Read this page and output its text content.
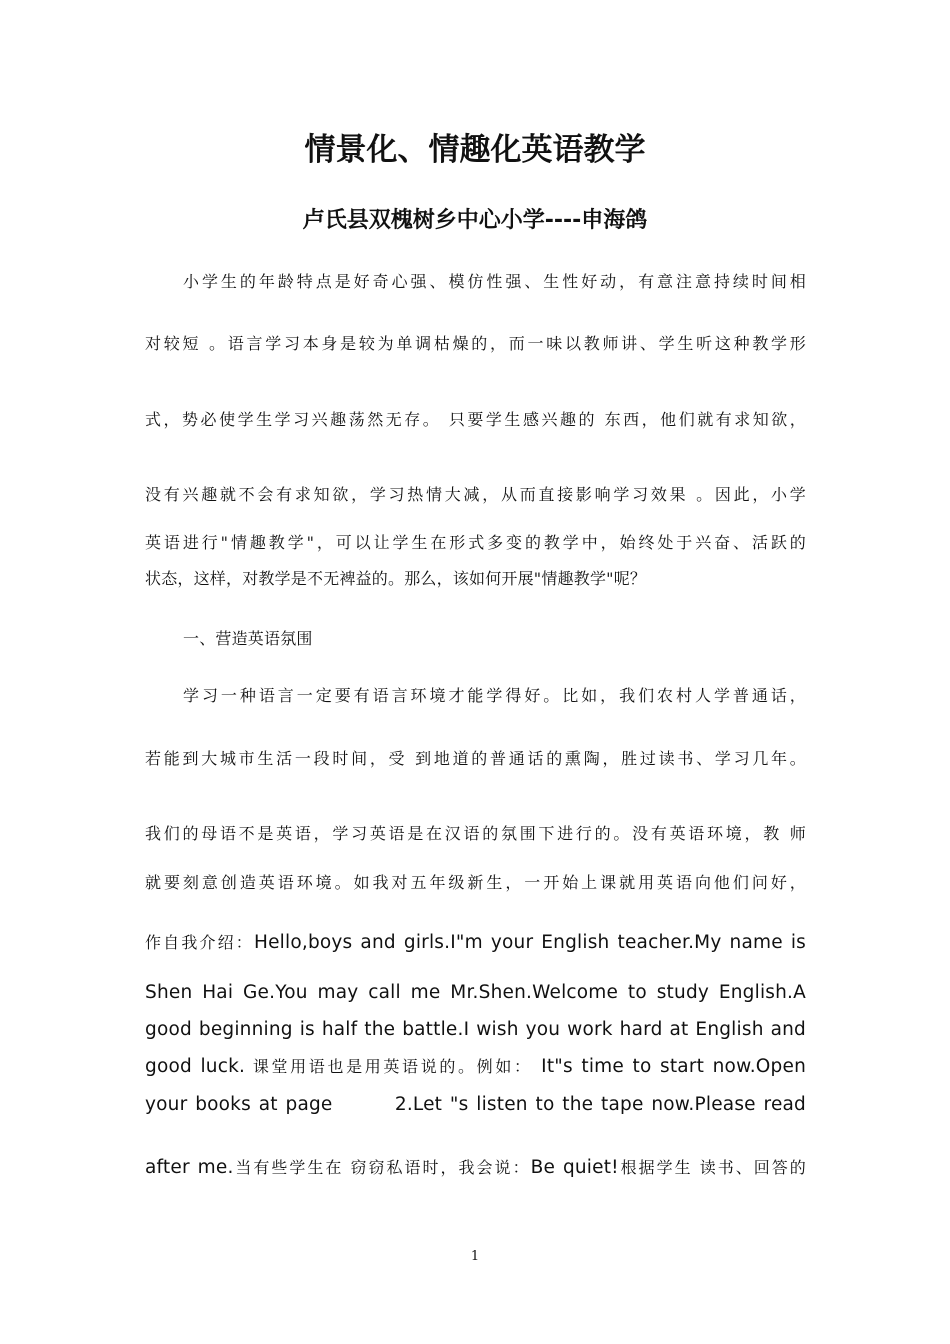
情景化、情趣化英语教学
卢氏县双槐树乡中心小学----申海鸽
小学生的年龄特点是好奇心强、模仿性强、生性好动，有意注意持续时间相
对较短 。语言学习本身是较为单调枯燥的，而一味以教师讲、学生听这种教学形
式，势必使学生学习兴趣荡然无存。 只要学生感兴趣的 东西，他们就有求知欲，
没有兴趣就不会有求知欲，学习热情大减，从而直接影响学习效果 。因此，小学
英语进行"情趣教学"，可以让学生在形式多变的教学中，始终处于兴奋、活跃的
状态，这样，对教学是不无裨益的。那么，该如何开展"情趣教学"呢？
一、营造英语氛围
学习一种语言一定要有语言环境才能学得好。比如，我们农村人学普通话，
若能到大城市生活一段时间，受 到地道的普通话的熏陶，胜过读书、学习几年。
我们的母语不是英语，学习英语是在汉语的氛围下进行的。没有英语环境，教 师
就要刻意创造英语环境。如我对五年级新生，一开始上课就用英语向他们问好，
作自我介绍：Hello,boys and girls.I"m your English teacher.My name is
Shen Hai Ge.You may call me Mr.Shen.Welcome to study English.A
good beginning is half the battle.I wish you work hard at English and
good luck. 课堂用语也是用英语说的。例如： It"s time to start now.Open
your books at page        2.Let "s listen to the tape now.Please read
after me.当有些学生在 窃窃私语时，我会说：Be quiet!根据学生 读书、回答的
1
